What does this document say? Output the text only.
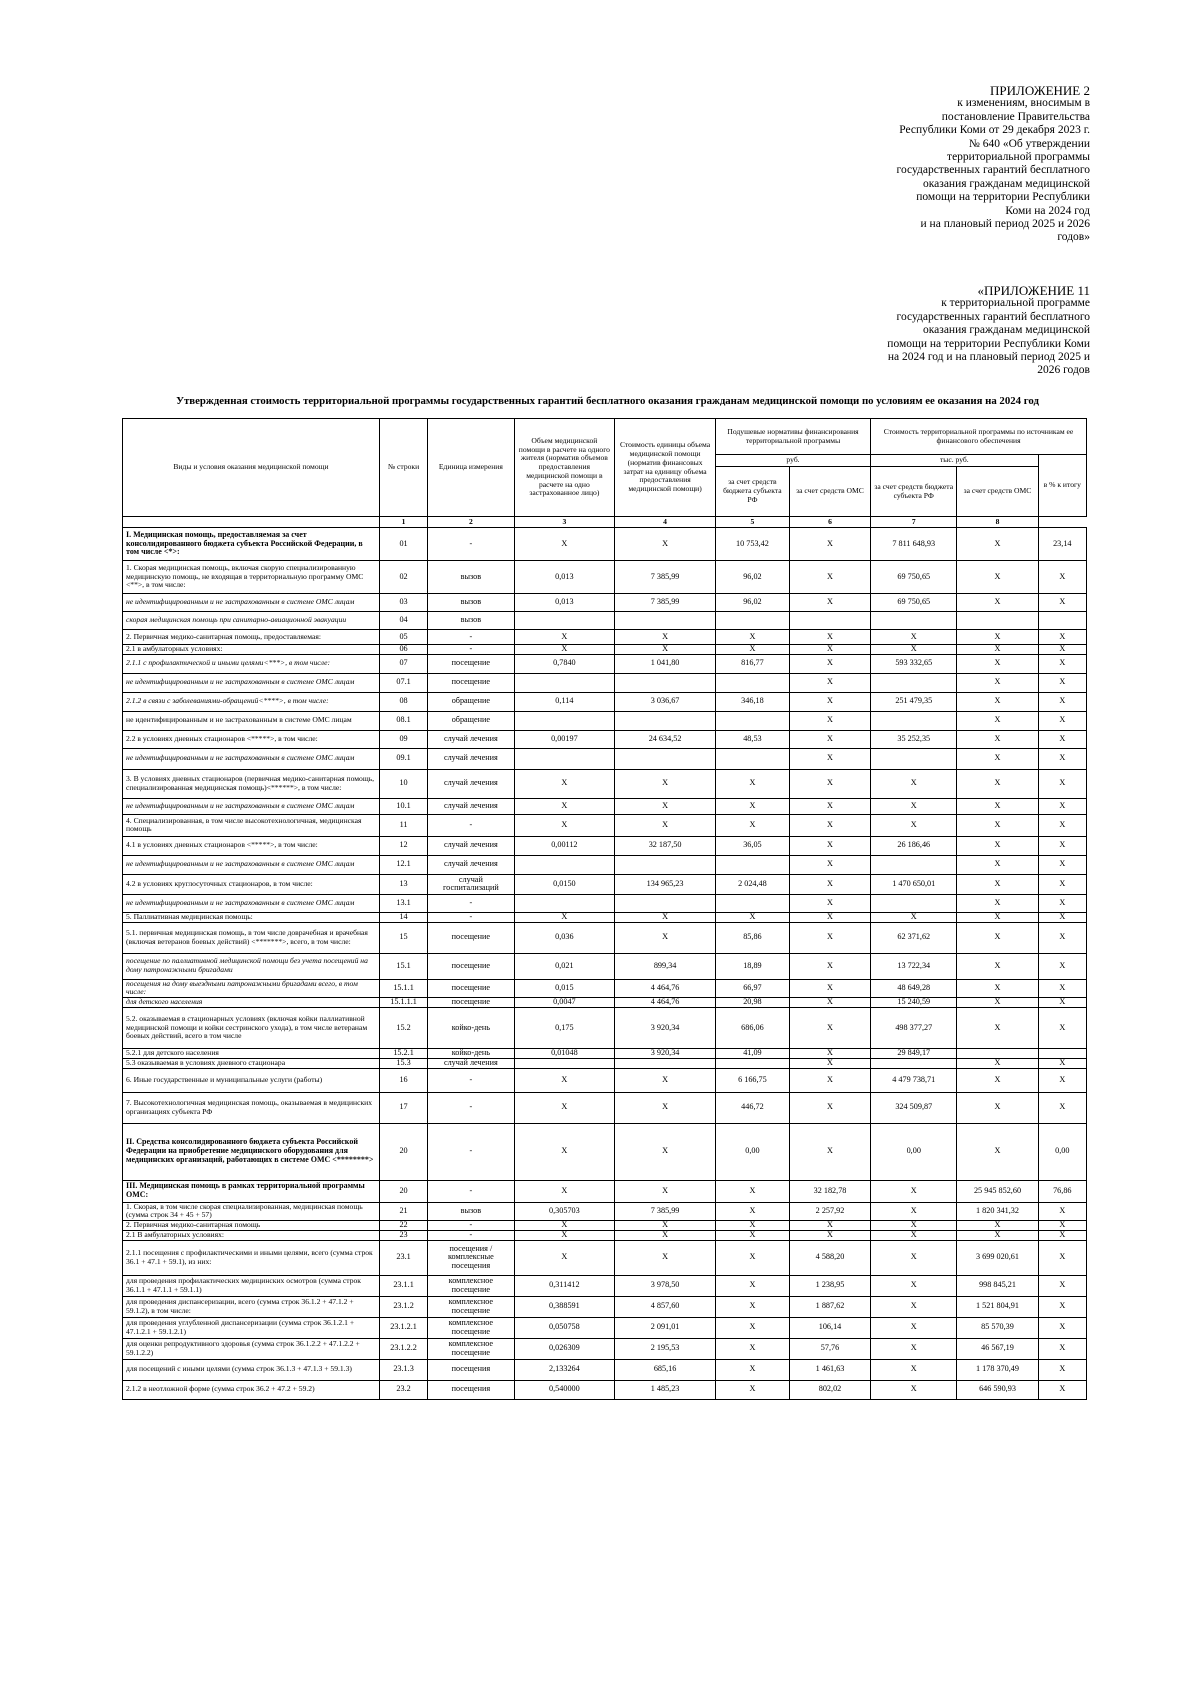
ПРИЛОЖЕНИЕ 2
к изменениям, вносимым в
постановление Правительства
Республики Коми от 29 декабря 2023 г.
№ 640 «Об утверждении
территориальной программы
государственных гарантий бесплатного
оказания гражданам медицинской
помощи на территории Республики
Коми на 2024 год
и на плановый период 2025 и 2026
годов»
«ПРИЛОЖЕНИЕ 11
к территориальной программе
государственных гарантий бесплатного
оказания гражданам медицинской
помощи на территории Республики Коми
на 2024 год и на плановый период 2025 и
2026 годов
Утвержденная стоимость территориальной программы государственных гарантий бесплатного оказания гражданам медицинской помощи по условиям ее оказания на 2024 год
Виды и условия оказания медицинской помощи	№ строки	Единица измерения	Объем медицинской помощи в расчете на одного жителя (норматив объемов предоставления медицинской помощи в расчете на одно застрахованное лицо)	Стоимость единицы объема медицинской помощи (норматив финансовых затрат на единицу объема предоставления медицинской помощи)	Подушевые нормативы финансирования территориальной программы		Стоимость территориальной программы по источникам ее финансового обеспечения		
					руб.		тыс. руб.		в % к итогу
					за счет средств бюджета субъекта РФ	за счет средств ОМС	за счет средств бюджета субъекта РФ	за счет средств ОМС	
	1	2	3	4	5	6	7	8	
I. Медицинская помощь, предоставляемая за счет консолидированного бюджета субъекта Российской Федерации, в том числе <*>:	01	-	X	X	10 753,42	X	7 811 648,93	X	23,14
1. Скорая медицинская помощь, включая скорую специализированную медицинскую помощь, не входящая в территориальную программу ОМС <**>, в том числе:	02	вызов	0,013	7 385,99	96,02	X	69 750,65	X	X
не идентифицированным и не застрахованным в системе ОМС лицам	03	вызов	0,013	7 385,99	96,02	X	69 750,65	X	X
скорая медицинская помощь при санитарно-авиационной эвакуации	04	вызов							
2. Первичная медико-санитарная помощь, предоставляемая:	05	-	X	X	X	X	X	X	X
2.1 в амбулаторных условиях:	06	-	X	X	X	X	X	X	X
2.1.1 с профилактической и иными целями<***>, в том числе:	07	посещение	0,7840	1 041,80	816,77	X	593 332,65	X	X
не идентифицированным и не застрахованным в системе ОМС лицам	07.1	посещение				X		X	X
2.1.2 в связи с заболеваниями-обращений<****>, в том числе:	08	обращение	0,114	3 036,67	346,18	X	251 479,35	X	X
не идентифицированным и не застрахованным в системе ОМС лицам	08.1	обращение				X		X	X
2.2 в условиях дневных стационаров <*****>, в том числе:	09	случай лечения	0,00197	24 634,52	48,53	X	35 252,35	X	X
не идентифицированным и не застрахованным в системе ОМС лицам	09.1	случай лечения				X		X	X
3. В условиях дневных стационаров (первичная медико-санитарная помощь, специализированная медицинская помощь)<******>, в том числе:	10	случай лечения	X	X	X	X	X	X	X
не идентифицированным и не застрахованным в системе ОМС лицам	10.1	случай лечения	X	X	X	X	X	X	X
4. Специализированная, в том числе высокотехнологичная, медицинская помощь	11	-	X	X	X	X	X	X	X
4.1 в условиях дневных стационаров <*****>, в том числе:	12	случай лечения	0,00112	32 187,50	36,05	X	26 186,46	X	X
не идентифицированным и не застрахованным в системе ОМС лицам	12.1	случай лечения				X		X	X
4.2 в условиях круглосуточных стационаров, в том числе:	13	случай госпитализаций	0,0150	134 965,23	2 024,48	X	1 470 650,01	X	X
не идентифицированным и не застрахованным в системе ОМС лицам	13.1	-				X		X	X
5. Паллиативная медицинская помощь:	14	-	X	X	X	X	X	X	X
5.1. первичная медицинская помощь, в том числе доврачебная и врачебная (включая ветеранов боевых действий) <*******>, всего, в том числе:	15	посещение	0,036	X	85,86	X	62 371,62	X	X
посещение по паллиативной медицинской помощи без учета посещений на дому патронажными бригадами	15.1	посещение	0,021	899,34	18,89	X	13 722,34	X	X
посещения на дому выездными патронажными бригадами всего, в том числе:	15.1.1	посещение	0,015	4 464,76	66,97	X	48 649,28	X	X
для детского населения	15.1.1.1	посещение	0,0047	4 464,76	20,98	X	15 240,59	X	X
5.2. оказываемая в стационарных условиях (включая койки паллиативной медицинской помощи и койки сестринского ухода), в том числе ветеранам боевых действий, всего в том числе	15.2	койко-день	0,175	3 920,34	686,06	X	498 377,27	X	X
5.2.1 для детского населения	15.2.1	койко-день	0,01048	3 920,34	41,09	X	29 849,17		
5.3 оказываемая в условиях дневного стационара	15.3	случай лечения				X		X	X
6. Иные государственные и муниципальные услуги (работы)	16	-	X	X	6 166,75	X	4 479 738,71	X	X
7. Высокотехнологичная медицинская помощь, оказываемая в медицинских организациях субъекта РФ	17	-	X	X	446,72	X	324 509,87	X	X
II. Средства консолидированного бюджета субъекта Российской Федерации на приобретение медицинского оборудования для медицинских организаций, работающих в системе ОМС <********>	20	-	X	X	0,00	X	0,00	X	0,00
III. Медицинская помощь в рамках территориальной программы ОМС:	20	-	X	X	X	32 182,78	X	25 945 852,60	76,86
1. Скорая, в том числе скорая специализированная, медицинская помощь (сумма строк 34 + 45 + 57)	21	вызов	0,305703	7 385,99	X	2 257,92	X	1 820 341,32	X
2. Первичная медико-санитарная помощь	22	-	X	X	X	X	X	X	X
2.1 В амбулаторных условиях:	23	-	X	X	X	X	X	X	X
2.1.1 посещения с профилактическими и иными целями, всего (сумма строк 36.1 + 47.1 + 59.1), из них:	23.1	посещения / комплексные посещения	X	X	X	4 588,20	X	3 699 020,61	X
для проведения профилактических медицинских осмотров (сумма строк 36.1.1 + 47.1.1 + 59.1.1)	23.1.1	комплексное посещение	0,311412	3 978,50	X	1 238,95	X	998 845,21	X
для проведения диспансеризации, всего (сумма строк 36.1.2 + 47.1.2 + 59.1.2), в том числе:	23.1.2	комплексное посещение	0,388591	4 857,60	X	1 887,62	X	1 521 804,91	X
для проведения углубленной диспансеризации (сумма строк 36.1.2.1 + 47.1.2.1 + 59.1.2.1)	23.1.2.1	комплексное посещение	0,050758	2 091,01	X	106,14	X	85 570,39	X
для оценки репродуктивного здоровья (сумма строк 36.1.2.2 + 47.1.2.2 + 59.1.2.2)	23.1.2.2	комплексное посещение	0,026309	2 195,53	X	57,76	X	46 567,19	X
для посещений с иными целями (сумма строк 36.1.3 + 47.1.3 + 59.1.3)	23.1.3	посещения	2,133264	685,16	X	1 461,63	X	1 178 370,49	X
2.1.2 в неотложной форме (сумма строк 36.2 + 47.2 + 59.2)	23.2	посещения	0,540000	1 485,23	X	802,02	X	646 590,93	X
